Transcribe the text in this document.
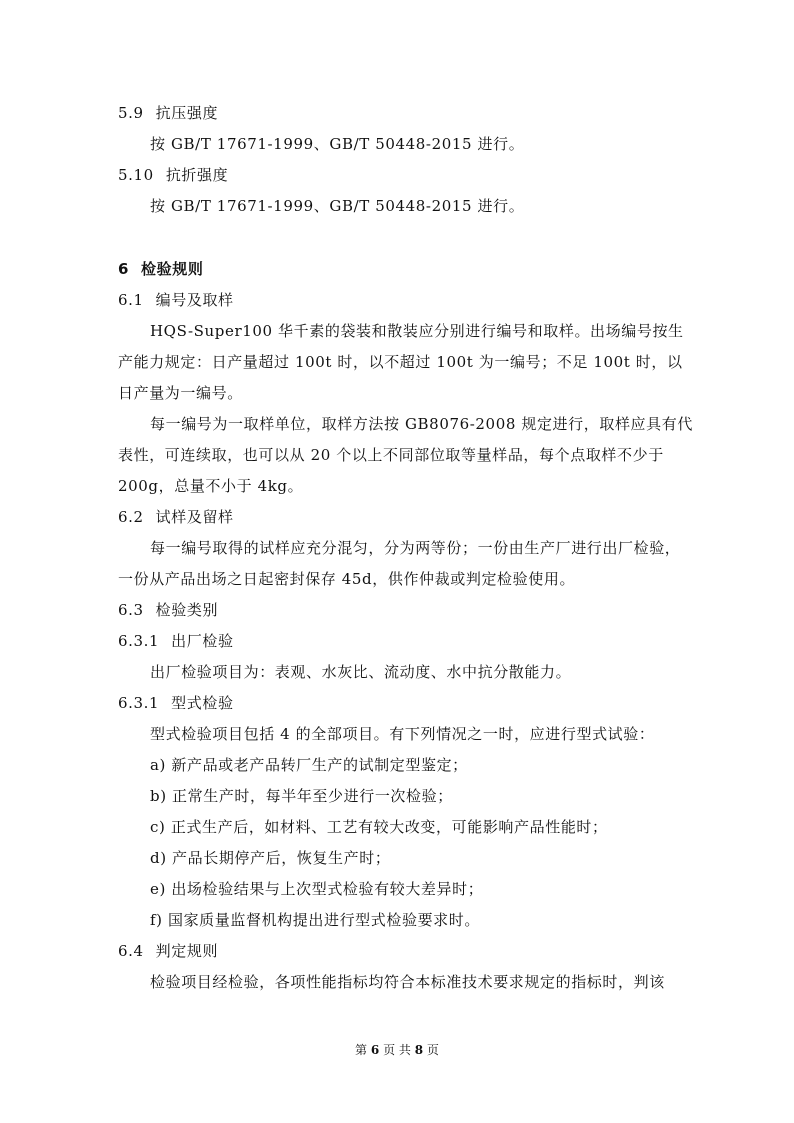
5.9 抗压强度
按 GB/T 17671-1999、GB/T 50448-2015 进行。
5.10 抗折强度
按 GB/T 17671-1999、GB/T 50448-2015 进行。
6 检验规则
6.1 编号及取样
HQS-Super100 华千素的袋装和散装应分别进行编号和取样。出场编号按生
产能力规定：日产量超过 100t 时，以不超过 100t 为一编号；不足 100t 时，以
日产量为一编号。
每一编号为一取样单位，取样方法按 GB8076-2008 规定进行，取样应具有代
表性，可连续取，也可以从 20 个以上不同部位取等量样品，每个点取样不少于
200g，总量不小于 4kg。
6.2 试样及留样
每一编号取得的试样应充分混匀，分为两等份；一份由生产厂进行出厂检验，
一份从产品出场之日起密封保存 45d，供作仲裁或判定检验使用。
6.3 检验类别
6.3.1 出厂检验
出厂检验项目为：表观、水灰比、流动度、水中抗分散能力。
6.3.1 型式检验
型式检验项目包括 4 的全部项目。有下列情况之一时，应进行型式试验：
a) 新产品或老产品转厂生产的试制定型鉴定；
b) 正常生产时，每半年至少进行一次检验；
c) 正式生产后，如材料、工艺有较大改变，可能影响产品性能时；
d) 产品长期停产后，恢复生产时；
e) 出场检验结果与上次型式检验有较大差异时；
f) 国家质量监督机构提出进行型式检验要求时。
6.4 判定规则
检验项目经检验，各项性能指标均符合本标准技术要求规定的指标时，判该
第 6 页 共 8 页
